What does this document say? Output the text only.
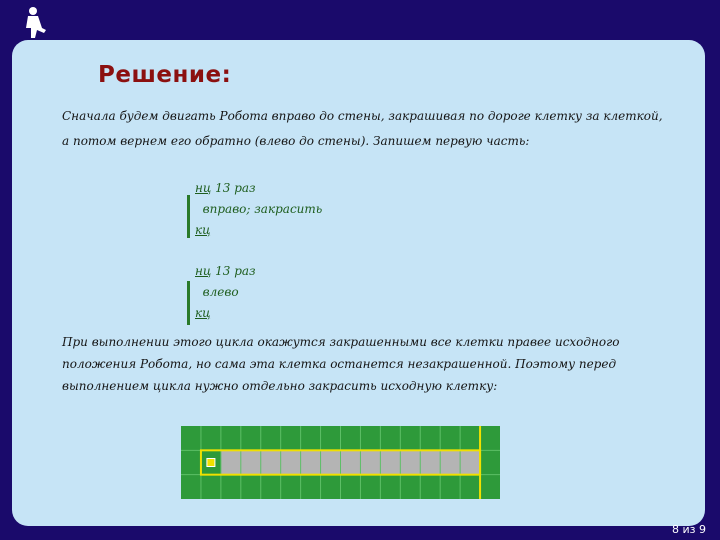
Решение:
Сначала будем двигать Робота вправо до стены, закрашивая по дороге клетку за клеткой, а потом вернем его обратно (влево до стены). Запишем первую часть:
нц 13 раз
вправо; закрасить
кц
нц 13 раз
влево
кц
При выполнении этого цикла окажутся закрашенными все клетки правее исходного положения Робота, но сама эта клетка останется незакрашенной. Поэтому перед выполнением цикла нужно отдельно закрасить исходную клетку:
8 из 9
